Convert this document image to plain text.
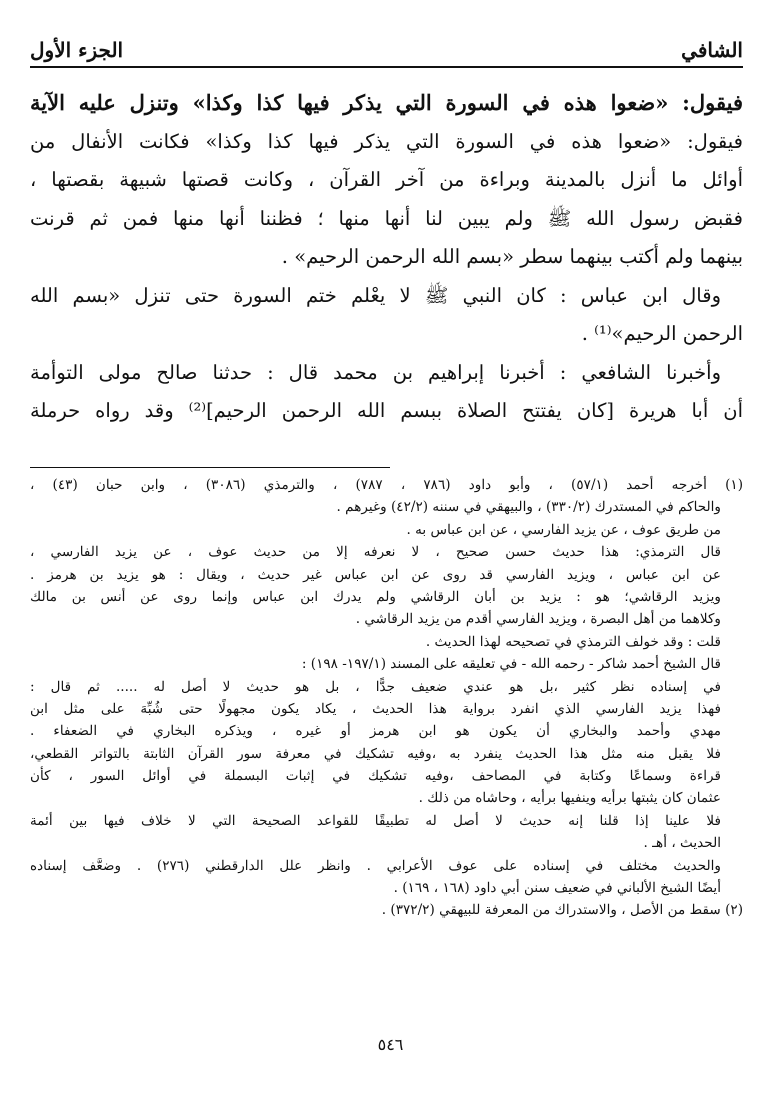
الشافي
الجزء الأول
فيقول: «ضعوا هذه في السورة التي يذكر فيها كذا وكذا» وتنزل عليه الآية
فيقول: «ضعوا هذه في السورة التي يذكر فيها كذا وكذا» فكانت الأنفال من
أوائل ما أنزل بالمدينة وبراءة من آخر القرآن ، وكانت قصتها شبيهة بقصتها ،
فقبض رسول الله ﷺ ولم يبين لنا أنها منها ؛ فظننا أنها منها فمن ثم قرنت
بينهما ولم أكتب بينهما سطر «بسم الله الرحمن الرحيم» .
وقال ابن عباس : كان النبي ﷺ لا يعْلم ختم السورة حتى تنزل «بسم الله
الرحمن الرحيم»⁽¹⁾ .
وأخبرنا الشافعي : أخبرنا إبراهيم بن محمد قال : حدثنا صالح مولى التوأمة
أن أبا هريرة [كان يفتتح الصلاة ببسم الله الرحمن الرحيم]⁽²⁾ وقد رواه حرملة
(١) أخرجه أحمد (٥٧/١) ، وأبو داود (٧٨٦ ، ٧٨٧) ، والترمذي (٣٠٨٦) ، وابن حبان (٤٣) ،
والحاكم في المستدرك (٣٣٠/٢) ، والبيهقي في سننه (٤٢/٢) وغيرهم .
من طريق عوف ، عن يزيد الفارسي ، عن ابن عباس به .
قال الترمذي: هذا حديث حسن صحيح ، لا نعرفه إلا من حديث عوف ، عن يزيد الفارسي ،
عن ابن عباس ، ويزيد الفارسي قد روى عن ابن عباس غير حديث ، ويقال : هو يزيد بن هرمز .
ويزيد الرقاشي؛ هو : يزيد بن أبان الرقاشي ولم يدرك ابن عباس وإنما روى عن أنس بن مالك
وكلاهما من أهل البصرة ، ويزيد الفارسي أقدم من يزيد الرقاشي .
قلت : وقد خولف الترمذي في تصحيحه لهذا الحديث .
قال الشيخ أحمد شاكر - رحمه الله - في تعليقه على المسند (١٩٧/١- ١٩٨) :
في إسناده نظر كثير ،بل هو عندي ضعيف جدًّا ، بل هو حديث لا أصل له ..... ثم قال :
فهذا يزيد الفارسي الذي انفرد برواية هذا الحديث ، يكاد يكون مجهولًا حتى شُبِّهَ على مثل ابن
مهدي وأحمد والبخاري أن يكون هو ابن هرمز أو غيره ، ويذكره البخاري في الضعفاء .
فلا يقبل منه مثل هذا الحديث ينفرد به ،وفيه تشكيك في معرفة سور القرآن الثابتة بالتواتر القطعي،
قراءة وسماعًا وكتابة في المصاحف ،وفيه تشكيك في إثبات البسملة في أوائل السور ، كأن
عثمان كان يثبتها برأيه وينفيها برأيه ، وحاشاه من ذلك .
فلا علينا إذا قلنا إنه حديث لا أصل له تطبيقًا للقواعد الصحيحة التي لا خلاف فيها بين أئمة
الحديث ، أهـ .
والحديث مختلف في إسناده على عوف الأعرابي . وانظر علل الدارقطني (٢٧٦) . وضعَّف إسناده
أيضًا الشيخ الألباني في ضعيف سنن أبي داود (١٦٨ ، ١٦٩) .
(٢) سقط من الأصل ، والاستدراك من المعرفة للبيهقي (٣٧٢/٢) .
٥٤٦
